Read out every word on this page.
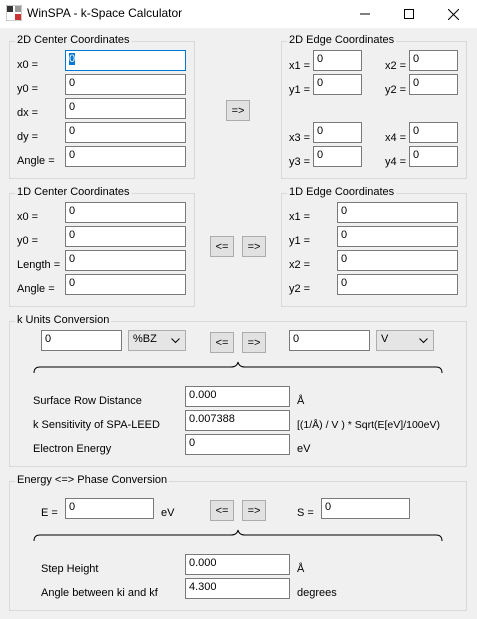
WinSPA - k-Space Calculator
2D Center Coordinates
x0 =	0
y0 =	0
dx =	0
dy =	0
Angle =	0
=>
2D Edge Coordinates
x1 =
0
x2 =
0
y1 =
0
y2 =
0
x3 =
0
x4 =
0
y3 =
0
y4 =
0
1D Center Coordinates
x0 =	0
y0 =	0
Length = 0
Angle =	0
<=	=>
1D Edge Coordinates
x1 =	0
y1 =	0
x2 =	0
y2 =	0
k Units Conversion
0	%BZ	<=	=>	0	V
Surface Row Distance	0.000	Å
k Sensitivity of SPA-LEED	0.007388	[(1/Å) / V ) * Sqrt(E[eV]/100eV)
Electron Energy	0	eV
Energy <=> Phase Conversion
E =	0	eV	<=	=>	S =	0
Step Height	0.000	Å
Angle between ki and kf	4.300	degrees
